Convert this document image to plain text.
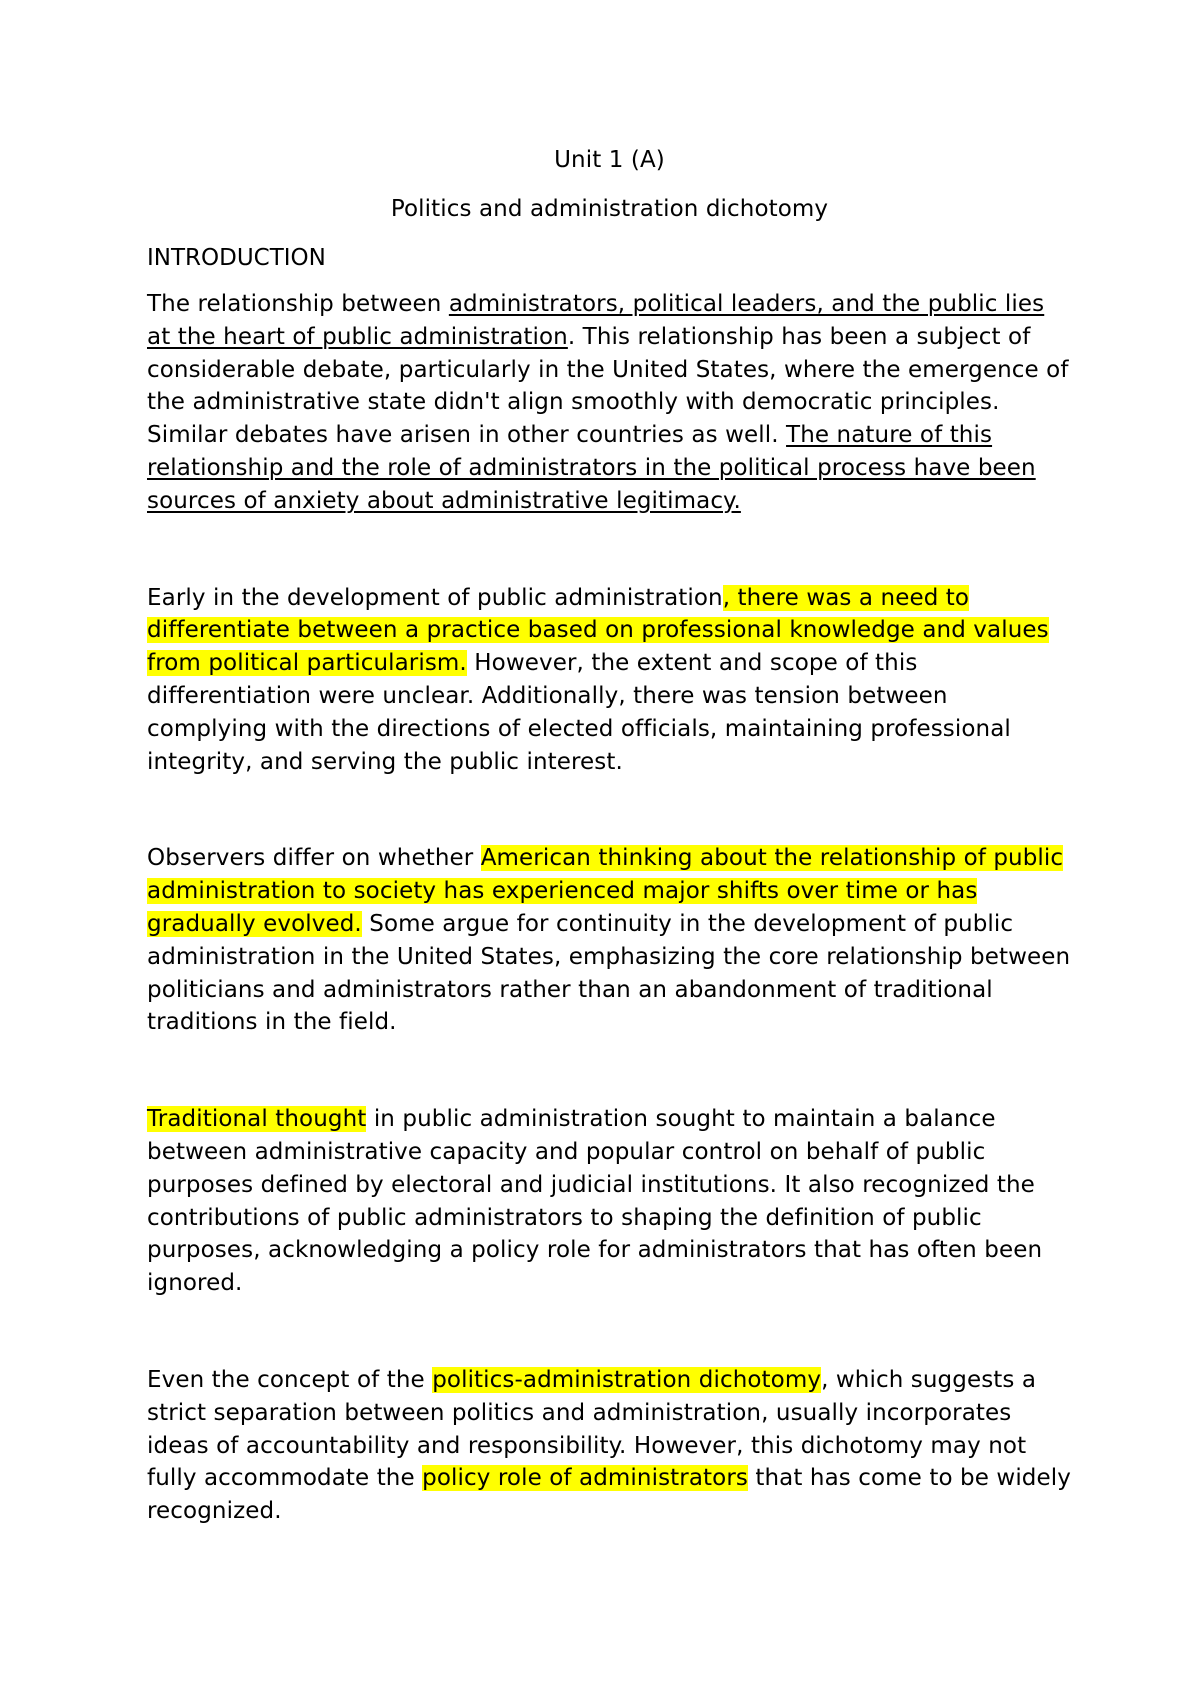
Unit 1 (A)

Politics and administration dichotomy

INTRODUCTION

The relationship between administrators, political leaders, and the public lies at the heart of public administration. This relationship has been a subject of considerable debate, particularly in the United States, where the emergence of the administrative state didn't align smoothly with democratic principles. Similar debates have arisen in other countries as well. The nature of this relationship and the role of administrators in the political process have been sources of anxiety about administrative legitimacy.

Early in the development of public administration, there was a need to differentiate between a practice based on professional knowledge and values from political particularism. However, the extent and scope of this differentiation were unclear. Additionally, there was tension between complying with the directions of elected officials, maintaining professional integrity, and serving the public interest.

Observers differ on whether American thinking about the relationship of public administration to society has experienced major shifts over time or has gradually evolved. Some argue for continuity in the development of public administration in the United States, emphasizing the core relationship between politicians and administrators rather than an abandonment of traditional traditions in the field.

Traditional thought in public administration sought to maintain a balance between administrative capacity and popular control on behalf of public purposes defined by electoral and judicial institutions. It also recognized the contributions of public administrators to shaping the definition of public purposes, acknowledging a policy role for administrators that has often been ignored.

Even the concept of the politics-administration dichotomy, which suggests a strict separation between politics and administration, usually incorporates ideas of accountability and responsibility. However, this dichotomy may not fully accommodate the policy role of administrators that has come to be widely recognized.
